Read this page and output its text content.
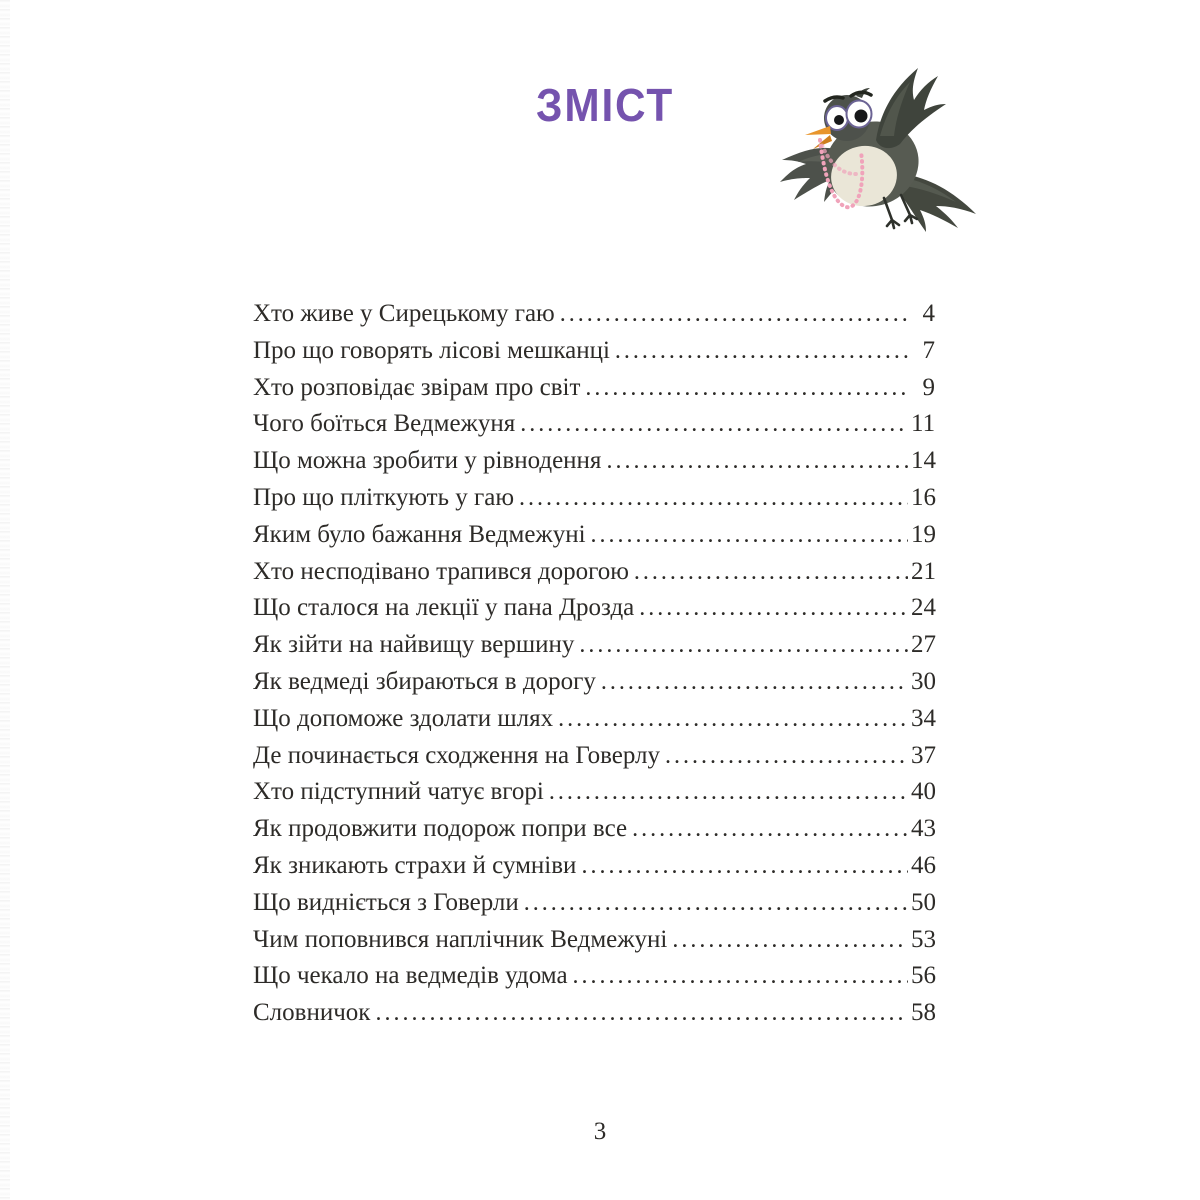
ЗМІСТ
Хто живе у Сирецькому гаю .....	4
Про що говорять лісові мешканці .....	7
Хто розповідає звірам про світ .....	9
Чого боїться Ведмежуня .....	11
Що можна зробити у рівнодення .....	14
Про що пліткують у гаю .....	16
Яким було бажання Ведмежуні .....	19
Хто несподівано трапився дорогою .....	21
Що сталося на лекції у пана Дрозда .....	24
Як зійти на найвищу вершину .....	27
Як ведмеді збираються в дорогу .....	30
Що допоможе здолати шлях .....	34
Де починається сходження на Говерлу .....	37
Хто підступний чатує вгорі .....	40
Як продовжити подорож попри все .....	43
Як зникають страхи й сумніви .....	46
Що видніється з Говерли .....	50
Чим поповнився наплічник Ведмежуні .....	53
Що чекало на ведмедів удома .....	56
Словничок .....	58
3
